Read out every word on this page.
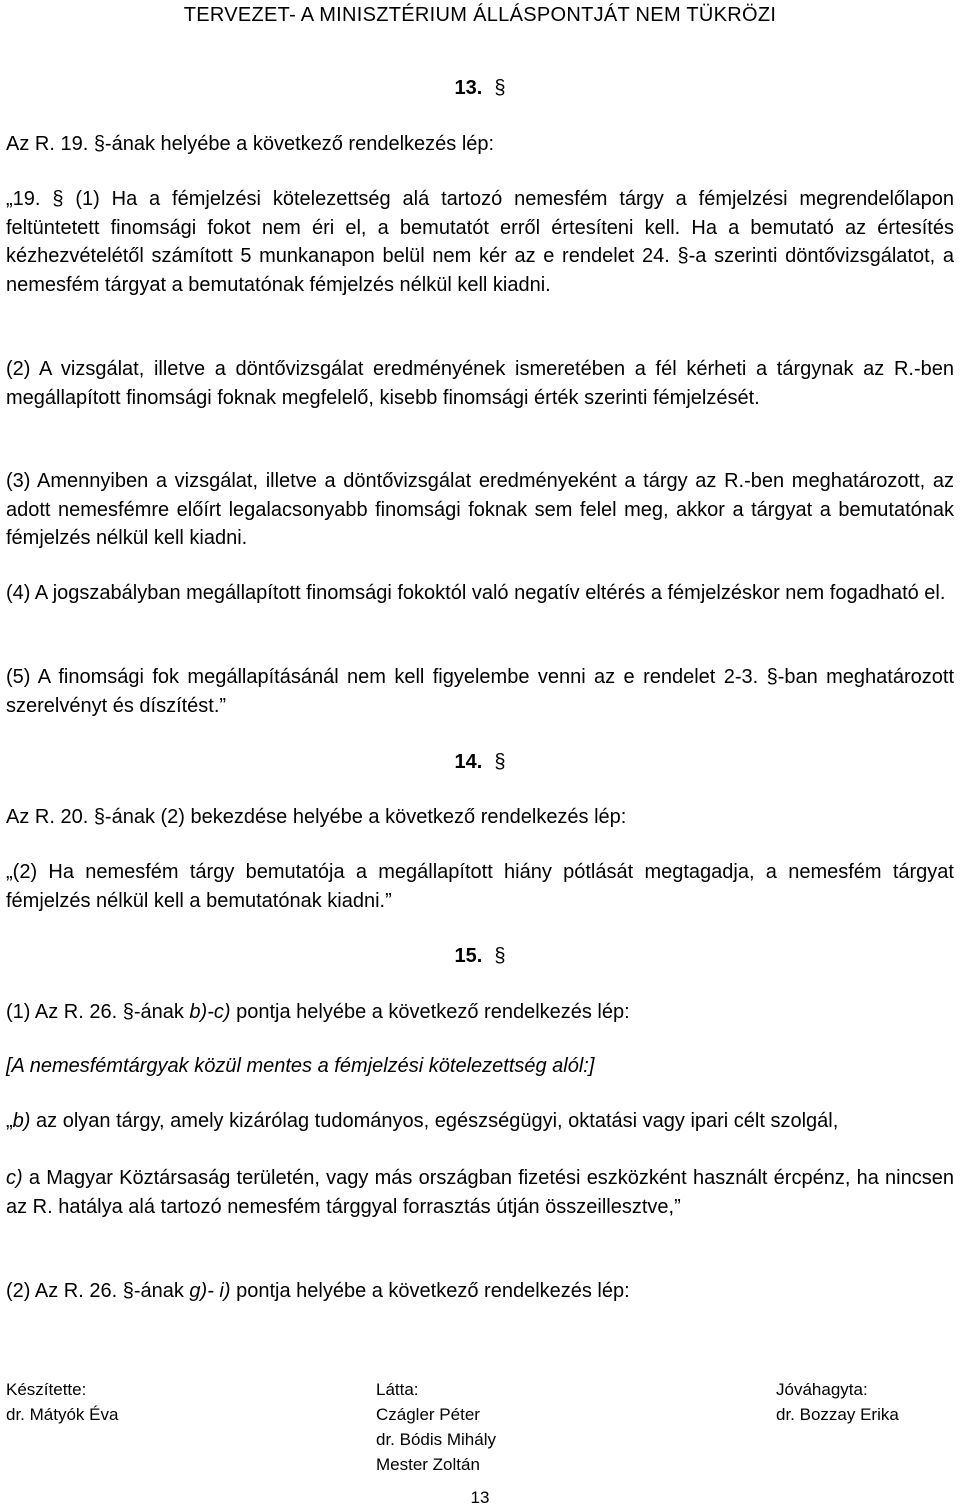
TERVEZET- A MINISZTÉRIUM ÁLLÁSPONTJÁT NEM TÜKRÖZI
13. §

Az R. 19. §-ának helyébe a következő rendelkezés lép:

„19. § (1) Ha a fémjelzési kötelezettség alá tartozó nemesfém tárgy a fémjelzési megrendelőlapon feltüntetett finomsági fokot nem éri el, a bemutatót erről értesíteni kell. Ha a bemutató az értesítés kézhezvételétől számított 5 munkanapon belül nem kér az e rendelet 24. §-a szerinti döntővizsgálatot, a nemesfém tárgyat a bemutatónak fémjelzés nélkül kell kiadni.

(2) A vizsgálat, illetve a döntővizsgálat eredményének ismeretében a fél kérheti a tárgynak az R.-ben megállapított finomsági foknak megfelelő, kisebb finomsági érték szerinti fémjelzését.

(3) Amennyiben a vizsgálat, illetve a döntővizsgálat eredményeként a tárgy az R.-ben meghatározott, az adott nemesfémre előírt legalacsonyabb finomsági foknak sem felel meg, akkor a tárgyat a bemutatónak fémjelzés nélkül kell kiadni.

(4) A jogszabályban megállapított finomsági fokoktól való negatív eltérés a fémjelzéskor nem fogadható el.

(5) A finomsági fok megállapításánál nem kell figyelembe venni az e rendelet 2-3. §-ban meghatározott szerelvényt és díszítést.”

14. §

Az R. 20. §-ának (2) bekezdése helyébe a következő rendelkezés lép:

„(2) Ha nemesfém tárgy bemutatója a megállapított hiány pótlását megtagadja, a nemesfém tárgyat fémjelzés nélkül kell a bemutatónak kiadni.”

15. §

(1) Az R. 26. §-ának b)-c) pontja helyébe a következő rendelkezés lép:

[A nemesfémtárgyak közül mentes a fémjelzési kötelezettség alól:]

„b) az olyan tárgy, amely kizárólag tudományos, egészségügyi, oktatási vagy ipari célt szolgál,

c) a Magyar Köztársaság területén, vagy más országban fizetési eszközként használt ércpénz, ha nincsen az R. hatálya alá tartozó nemesfém tárggyal forrasztás útján összeillesztve,”

(2) Az R. 26. §-ának g)- i) pontja helyébe a következő rendelkezés lép:

Készítette:
dr. Mátyók Éva
Látta:
Czágler Péter
dr. Bódis Mihály
Mester Zoltán
Jóváhagyta:
dr. Bozzay Erika
13
